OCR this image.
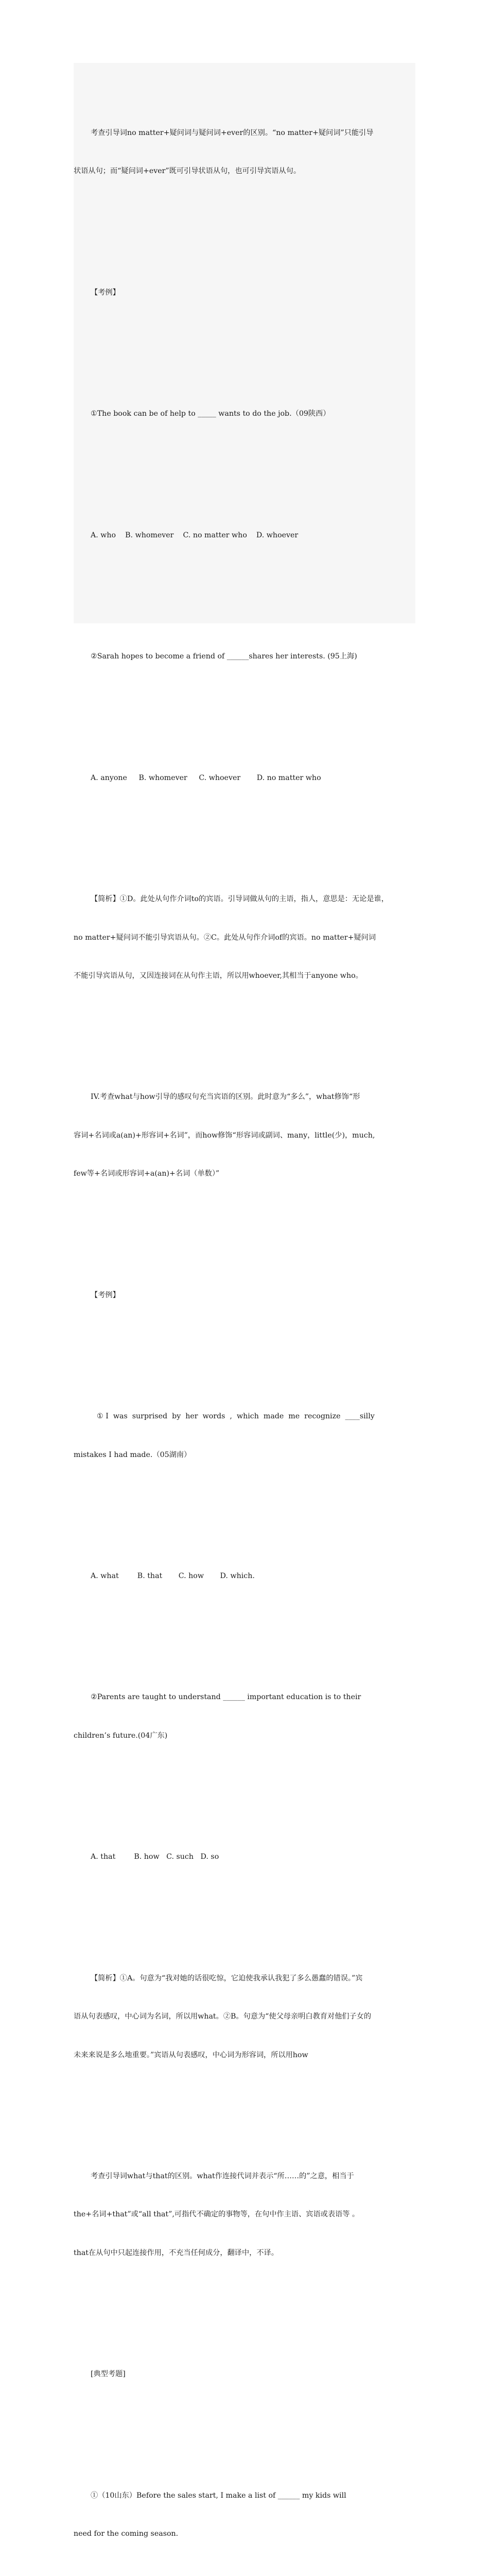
考查引导词no matter+疑问词与疑问词+ever的区别。“no matter+疑问词”只能引导

状语从句；而“疑问词+ever”既可引导状语从句，也可引导宾语从句。

【考例】

①The book can be of help to _____ wants to do the job.（09陕西）

A. who    B. whomever    C. no matter who    D. whoever

②Sarah hopes to become a friend of ______shares her interests. (95上海)

A. anyone     B. whomever     C. whoever       D. no matter who

【简析】①D。此处从句作介词to的宾语。引导词做从句的主语，指人，意思是：无论是谁，

no matter+疑问词不能引导宾语从句。②C。此处从句作介词of的宾语。no matter+疑问词

不能引导宾语从句，又因连接词在从句作主语，所以用whoever,其相当于anyone who。

IV.考查what与how引导的感叹句充当宾语的区别。此时意为“多么”，what修饰“形

容词+名词或a(an)+形容词+名词”，而how修饰“形容词或副词、many，little(少)，much,

few等+名词或形容词+a(an)+名词（单数）”

【考例】

① I  was  surprised  by  her  words  ,  which  made  me  recognize  ____silly

mistakes I had made.（05湖南）

A. what        B. that       C. how       D. which.

②Parents are taught to understand ______ important education is to their

children’s future.(04广东)

A. that        B. how   C. such   D. so

【简析】①A。句意为“我对她的话很吃惊，它迫使我承认我犯了多么愚蠢的错误。”宾

语从句表感叹，中心词为名词，所以用what。②B。句意为“使父母亲明白教育对他们子女的

未来来说是多么地重要。”宾语从句表感叹，中心词为形容词，所以用how

考查引导词what与that的区别。what作连接代词并表示“所……的”之意，相当于

the+名词+that”或“all that”,可指代不确定的事物等，在句中作主语、宾语或表语等 。

that在从句中只起连接作用，不充当任何成分，翻译中，不译。

[典型考题]

①（10山东）Before the sales start, I make a list of ______ my kids will

need for the coming season.
